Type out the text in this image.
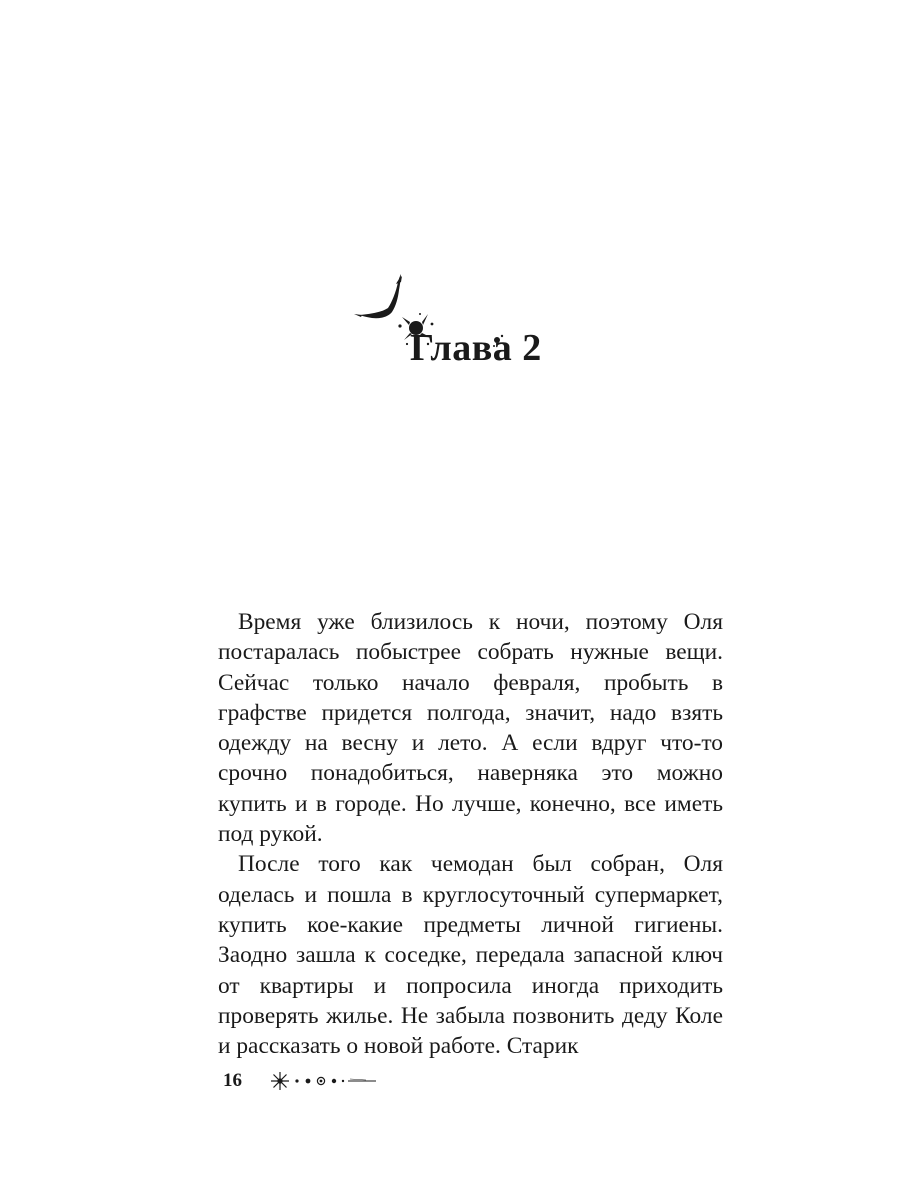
Глава 2

Время уже близилось к ночи, поэтому Оля постаралась побыстрее собрать нужные вещи. Сейчас только начало февраля, пробыть в графстве придется полгода, значит, надо взять одежду на весну и лето. А если вдруг что-то срочно понадобиться, наверняка это можно купить и в городе. Но лучше, конечно, все иметь под рукой.

После того как чемодан был собран, Оля оделась и пошла в круглосуточный супермаркет, купить кое-какие предметы личной гигиены. Заодно зашла к соседке, передала запасной ключ от квартиры и попросила иногда приходить проверять жилье. Не забыла позвонить деду Коле и рассказать о новой работе. Старик

16
